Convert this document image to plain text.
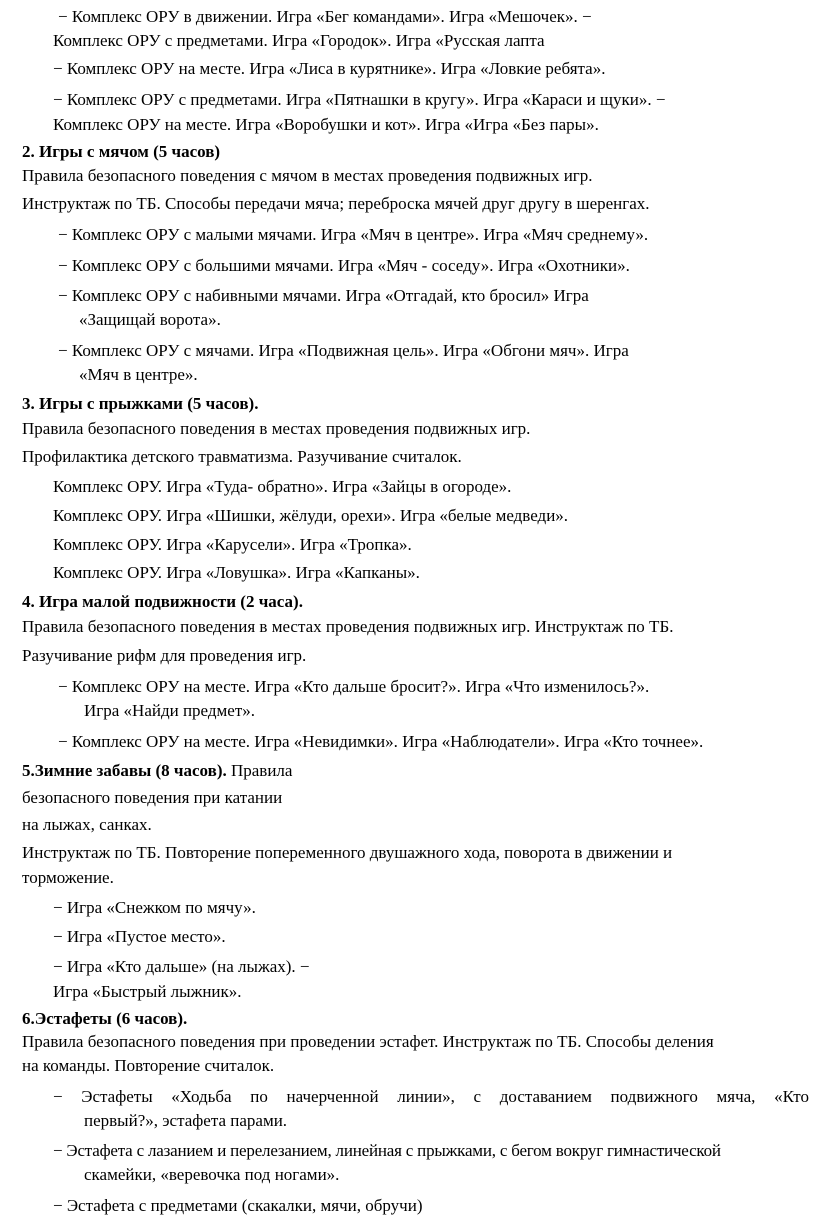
− Комплекс ОРУ в движении. Игра «Бег командами». Игра «Мешочек». −
Комплекс ОРУ с предметами. Игра «Городок». Игра «Русская лапта
− Комплекс ОРУ на месте. Игра «Лиса в курятнике». Игра «Ловкие ребята».
− Комплекс ОРУ с предметами. Игра «Пятнашки в кругу». Игра «Караси и щуки». −
Комплекс ОРУ на месте. Игра «Воробушки и кот». Игра «Игра «Без пары».
2. Игры с мячом (5 часов)
Правила безопасного поведения с мячом в местах проведения подвижных игр.
Инструктаж по ТБ. Способы передачи мяча; переброска мячей друг другу в шеренгах.
− Комплекс ОРУ с малыми мячами. Игра «Мяч в центре». Игра «Мяч среднему».
− Комплекс ОРУ с большими мячами. Игра «Мяч - соседу». Игра «Охотники».
− Комплекс ОРУ с набивными мячами. Игра «Отгадай, кто бросил» Игра
«Защищай ворота».
− Комплекс ОРУ с мячами. Игра «Подвижная цель». Игра «Обгони мяч». Игра
«Мяч в центре».
3. Игры с прыжками (5 часов).
Правила безопасного поведения в местах проведения подвижных игр.
Профилактика детского травматизма. Разучивание считалок.
Комплекс ОРУ. Игра «Туда- обратно». Игра «Зайцы в огороде».
Комплекс ОРУ. Игра «Шишки, жёлуди, орехи». Игра «белые медведи».
Комплекс ОРУ. Игра «Карусели». Игра «Тропка».
Комплекс ОРУ. Игра «Ловушка». Игра «Капканы».
4. Игра малой подвижности (2 часа).
Правила безопасного поведения в местах проведения подвижных игр. Инструктаж по ТБ.
Разучивание рифм для проведения игр.
− Комплекс ОРУ на месте. Игра «Кто дальше бросит?». Игра «Что изменилось?».
Игра «Найди предмет».
− Комплекс ОРУ на месте. Игра «Невидимки». Игра «Наблюдатели». Игра «Кто точнее».
5.Зимние забавы (8 часов). Правила
безопасного поведения при катании
на лыжах, санках.
Инструктаж по ТБ. Повторение попеременного двушажного хода, поворота в движении и
торможение.
− Игра «Снежком по мячу».
− Игра «Пустое место».
− Игра «Кто дальше» (на лыжах). −
Игра «Быстрый лыжник».
6.Эстафеты (6 часов).
Правила безопасного поведения при проведении эстафет. Инструктаж по ТБ. Способы деления
на команды. Повторение считалок.
− Эстафеты «Ходьба по начерченной линии», с доставанием подвижного мяча, «Кто
первый?», эстафета парами.
− Эстафета с лазанием и перелезанием, линейная с прыжками, с бегом вокруг гимнастической
скамейки, «веревочка под ногами».
− Эстафета с предметами (скакалки, мячи, обручи)
